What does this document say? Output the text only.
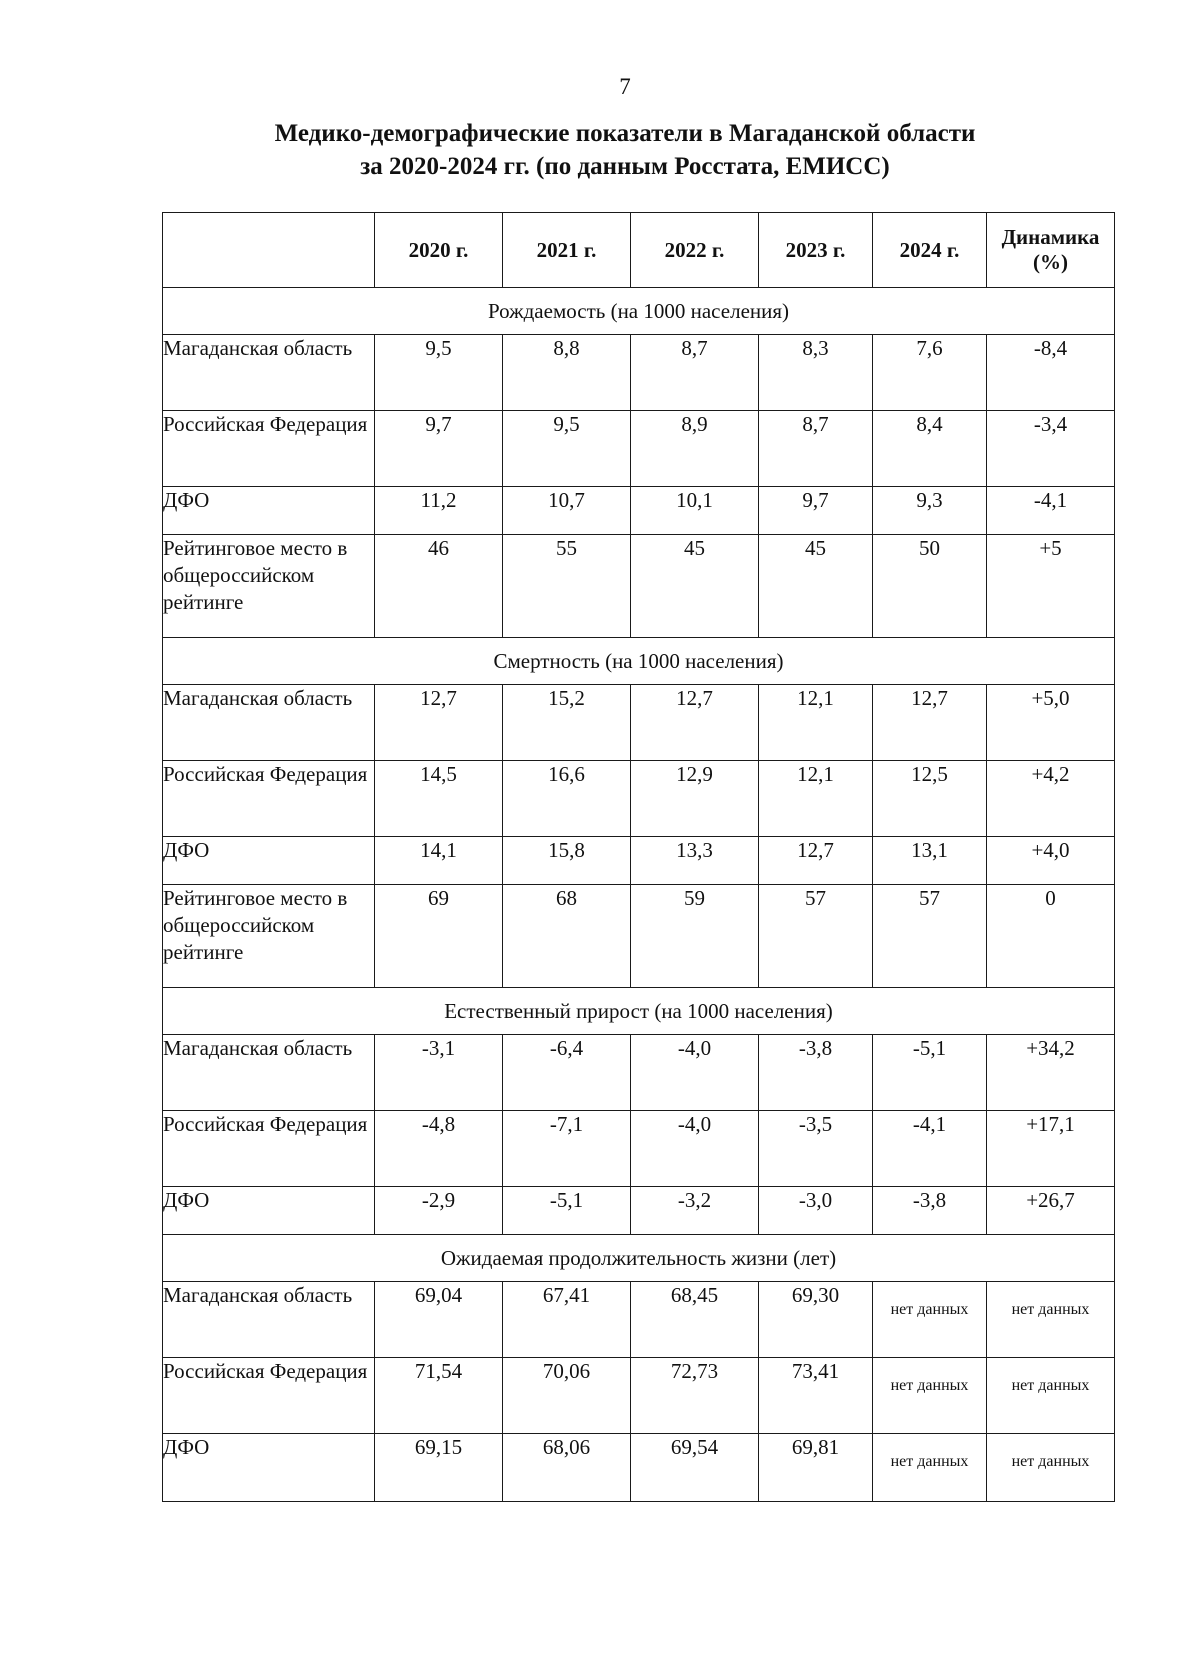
7
Медико-демографические показатели в Магаданской области
за 2020-2024 гг. (по данным Росстата, ЕМИСС)
	2020 г.	2021 г.	2022 г.	2023 г.	2024 г.	Динамика (%)
Рождаемость (на 1000 населения)						
Магаданская область	9,5	8,8	8,7	8,3	7,6	-8,4
Российская Федерация	9,7	9,5	8,9	8,7	8,4	-3,4
ДФО	11,2	10,7	10,1	9,7	9,3	-4,1
Рейтинговое место в общероссийском рейтинге	46	55	45	45	50	+5
Смертность (на 1000 населения)						
Магаданская область	12,7	15,2	12,7	12,1	12,7	+5,0
Российская Федерация	14,5	16,6	12,9	12,1	12,5	+4,2
ДФО	14,1	15,8	13,3	12,7	13,1	+4,0
Рейтинговое место в общероссийском рейтинге	69	68	59	57	57	0
Естественный прирост (на 1000 населения)						
Магаданская область	-3,1	-6,4	-4,0	-3,8	-5,1	+34,2
Российская Федерация	-4,8	-7,1	-4,0	-3,5	-4,1	+17,1
ДФО	-2,9	-5,1	-3,2	-3,0	-3,8	+26,7
Ожидаемая продолжительность жизни (лет)						
Магаданская область	69,04	67,41	68,45	69,30	нет данных	нет данных
Российская Федерация	71,54	70,06	72,73	73,41	нет данных	нет данных
ДФО	69,15	68,06	69,54	69,81	нет данных	нет данных
